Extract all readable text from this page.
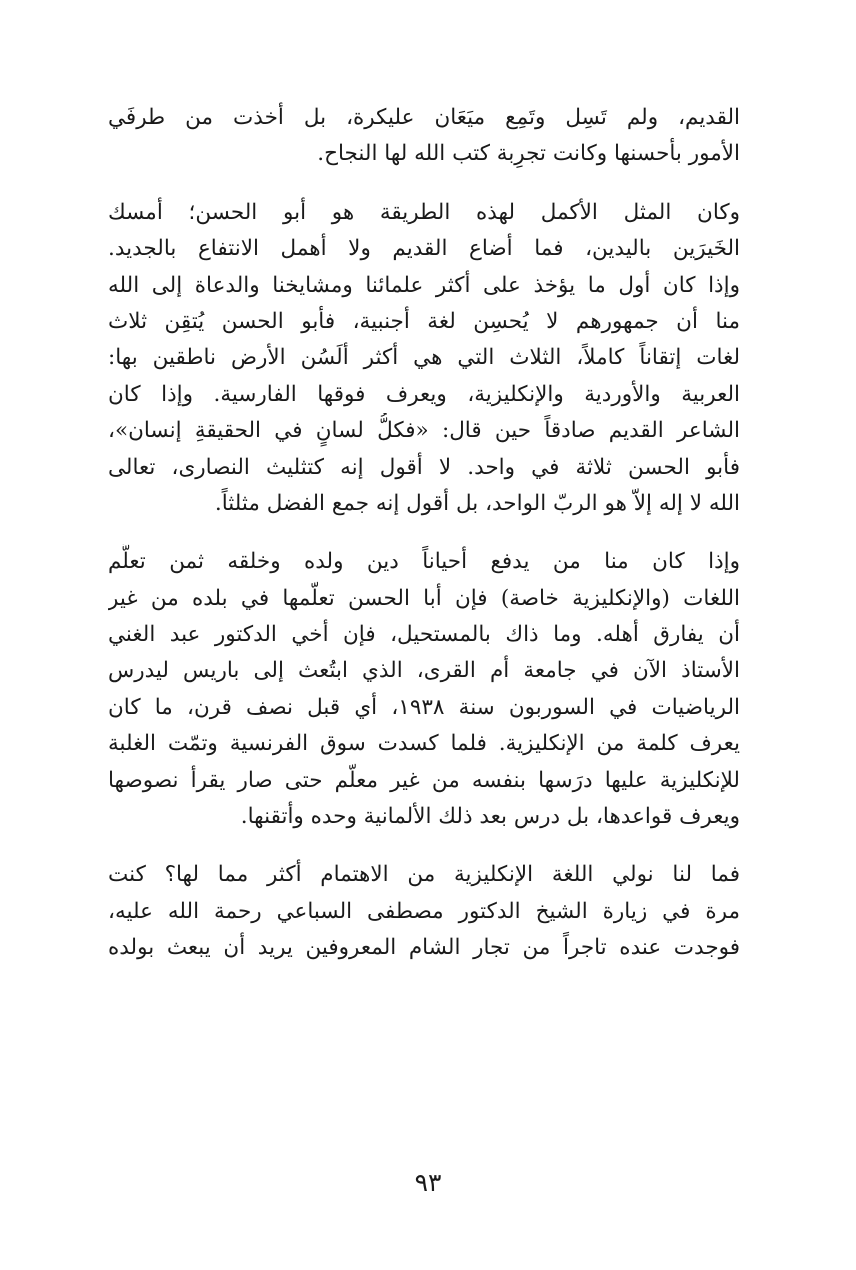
القديم، ولم تَسِل وتَمِع ميَعَان عليكرة، بل أخذت من طرفَي
الأمور بأحسنها وكانت تجرِبة كتب الله لها النجاح.
وكان المثل الأكمل لهذه الطريقة هو أبو الحسن؛ أمسك
الخَيرَين باليدين، فما أضاع القديم ولا أهمل الانتفاع بالجديد.
وإذا كان أول ما يؤخذ على أكثر علمائنا ومشايخنا والدعاة إلى الله
منا أن جمهورهم لا يُحسِن لغة أجنبية، فأبو الحسن يُتقِن ثلاث
لغات إتقاناً كاملاً، الثلاث التي هي أكثر ألَسُن الأرض ناطقين بها:
العربية والأوردية والإنكليزية، ويعرف فوقها الفارسية. وإذا كان
الشاعر القديم صادقاً حين قال: «فكلُّ لسانٍ في الحقيقةِ إنسان»،
فأبو الحسن ثلاثة في واحد. لا أقول إنه كتثليث النصارى، تعالى
الله لا إله إلاّ هو الربّ الواحد، بل أقول إنه جمع الفضل مثلثاً.
وإذا كان منا من يدفع أحياناً دين ولده وخلقه ثمن تعلُّم
اللغات (والإنكليزية خاصة) فإن أبا الحسن تعلّمها في بلده من غير
أن يفارق أهله. وما ذاك بالمستحيل، فإن أخي الدكتور عبد الغني
الأستاذ الآن في جامعة أم القرى، الذي ابتُعث إلى باريس ليدرس
الرياضيات في السوربون سنة ١٩٣٨، أي قبل نصف قرن، ما كان
يعرف كلمة من الإنكليزية. فلما كسدت سوق الفرنسية وتمّت الغلبة
للإنكليزية عليها درَسها بنفسه من غير معلّم حتى صار يقرأ نصوصها
ويعرف قواعدها، بل درس بعد ذلك الألمانية وحده وأتقنها.
فما لنا نولي اللغة الإنكليزية من الاهتمام أكثر مما لها؟ كنت
مرة في زيارة الشيخ الدكتور مصطفى السباعي رحمة الله عليه،
فوجدت عنده تاجراً من تجار الشام المعروفين يريد أن يبعث بولده
٩٣
